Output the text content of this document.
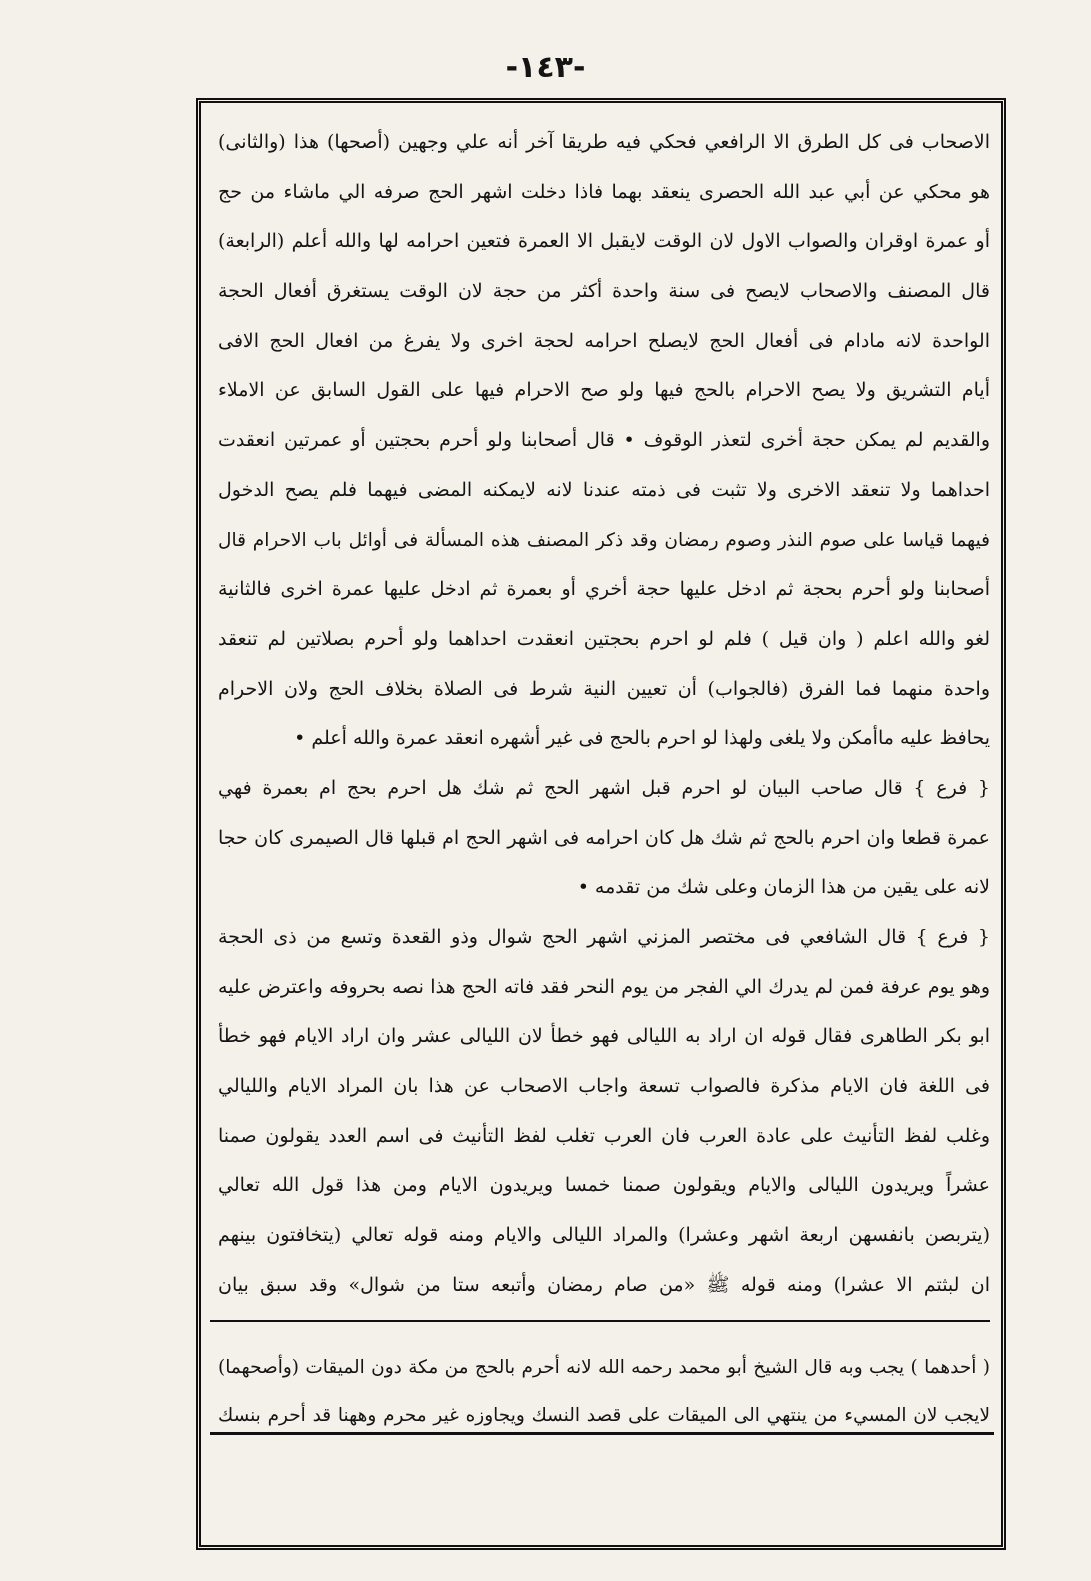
-١٤٣-
الاصحاب فى كل الطرق الا الرافعي فحكي فيه طريقا آخر أنه علي وجهين (أصحها) هذا (والثانى)
هو محكي عن أبي عبد الله الحصرى ينعقد بهما فاذا دخلت اشهر الحج صرفه الي ماشاء من حج
أو عمرة اوقران والصواب الاول لان الوقت لايقبل الا العمرة فتعين احرامه لها والله أعلم (الرابعة)
قال المصنف والاصحاب لايصح فى سنة واحدة أكثر من حجة لان الوقت يستغرق أفعال الحجة
الواحدة لانه مادام فى أفعال الحج لايصلح احرامه لحجة اخرى ولا يفرغ من افعال الحج الافى
أيام التشريق ولا يصح الاحرام بالحج فيها ولو صح الاحرام فيها على القول السابق عن الاملاء
والقديم لم يمكن حجة أخرى لتعذر الوقوف • قال أصحابنا ولو أحرم بحجتين أو عمرتين انعقدت
احداهما ولا تنعقد الاخرى ولا تثبت فى ذمته عندنا لانه لايمكنه المضى فيهما فلم يصح الدخول
فيهما قياسا على صوم النذر وصوم رمضان وقد ذكر المصنف هذه المسألة فى أوائل باب الاحرام قال
أصحابنا ولو أحرم بحجة ثم ادخل عليها حجة أخري أو بعمرة ثم ادخل عليها عمرة اخرى فالثانية
لغو والله اعلم ( وان قيل ) فلم لو احرم بحجتين انعقدت احداهما ولو أحرم بصلاتين لم تنعقد
واحدة منهما فما الفرق (فالجواب) أن تعيين النية شرط فى الصلاة بخلاف الحج ولان الاحرام
يحافظ عليه ماأمكن ولا يلغى ولهذا لو احرم بالحج فى غير أشهره انعقد عمرة والله أعلم •
{ فرع } قال صاحب البيان لو احرم قبل اشهر الحج ثم شك هل احرم بحج ام بعمرة فهي
عمرة قطعا وان احرم بالحج ثم شك هل كان احرامه فى اشهر الحج ام قبلها قال الصيمرى كان حجا
لانه على يقين من هذا الزمان وعلى شك من تقدمه •
{ فرع } قال الشافعي فى مختصر المزني اشهر الحج شوال وذو القعدة وتسع من ذى الحجة
وهو يوم عرفة فمن لم يدرك الي الفجر من يوم النحر فقد فاته الحج هذا نصه بحروفه واعترض عليه
ابو بكر الطاهرى فقال قوله ان اراد به الليالى فهو خطأ لان الليالى عشر وان اراد الايام فهو خطأ
فى اللغة فان الايام مذكرة فالصواب تسعة واجاب الاصحاب عن هذا بان المراد الايام والليالي
وغلب لفظ التأنيث على عادة العرب فان العرب تغلب لفظ التأنيث فى اسم العدد يقولون صمنا
عشراً ويريدون الليالى والايام ويقولون صمنا خمسا ويريدون الايام ومن هذا قول الله تعالي
(يتربصن بانفسهن اربعة اشهر وعشرا) والمراد الليالى والايام ومنه قوله تعالي (يتخافتون بينهم
ان لبثتم الا عشرا) ومنه قوله ﷺ «من صام رمضان وأتبعه ستا من شوال» وقد سبق بيان
( أحدهما ) يجب وبه قال الشيخ أبو محمد رحمه الله لانه أحرم بالحج من مكة دون الميقات (وأصحهما)
لايجب لان المسيء من ينتهي الى الميقات على قصد النسك ويجاوزه غير محرم وههنا قد أحرم بنسك
